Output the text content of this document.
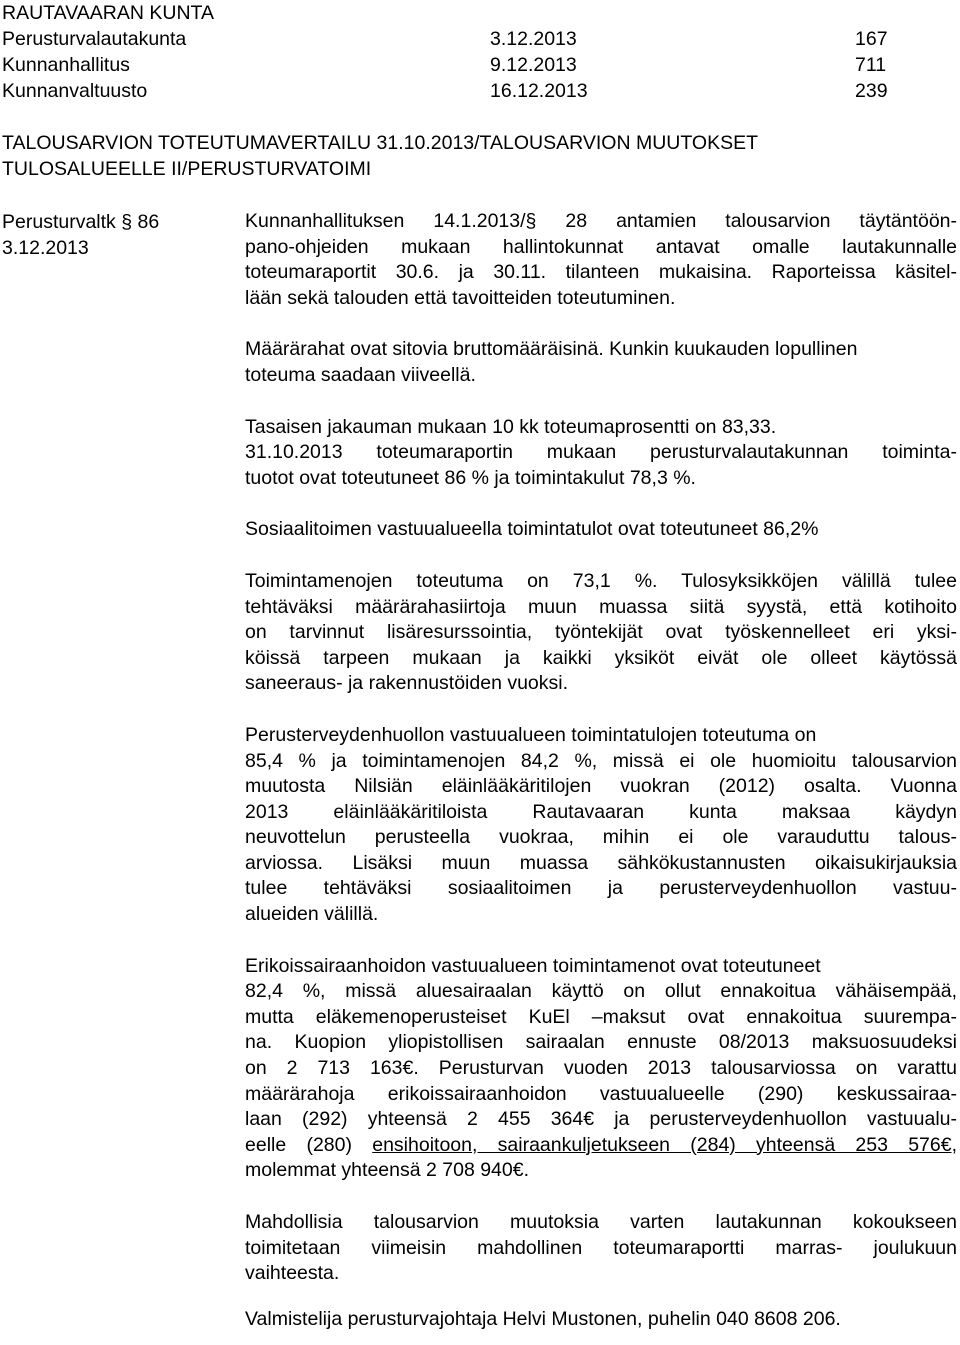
RAUTAVAARAN KUNTA
Perusturvalautakunta	3.12.2013	167
Kunnanhallitus	9.12.2013	711
Kunnanvaltuusto	16.12.2013	239
TALOUSARVION TOTEUTUMAVERTAILU 31.10.2013/TALOUSARVION MUUTOKSET
TULOSALUEELLE II/PERUSTURVATOIMI
Perusturvaltk § 86
3.12.2013
Kunnanhallituksen 14.1.2013/§ 28 antamien talousarvion täytäntöön-
pano-ohjeiden mukaan hallintokunnat antavat omalle lautakunnalle
toteumaraportit 30.6. ja 30.11. tilanteen mukaisina. Raporteissa käsitel-
lään sekä talouden että tavoitteiden toteutuminen.
Määrärahat ovat sitovia bruttomääräisinä. Kunkin kuukauden lopullinen
toteuma saadaan viiveellä.
Tasaisen jakauman mukaan 10 kk toteumaprosentti on 83,33.
31.10.2013 toteumaraportin mukaan perusturvalautakunnan toiminta-
tuotot ovat toteutuneet 86 % ja toimintakulut 78,3 %.
Sosiaalitoimen vastuualueella toimintatulot ovat toteutuneet 86,2%
Toimintamenojen toteutuma on 73,1 %. Tulosyksikköjen välillä tulee
tehtäväksi määrärahasiirtoja muun muassa siitä syystä, että kotihoito
on tarvinnut lisäresurssointia, työntekijät ovat työskennelleet eri yksi-
köissä tarpeen mukaan ja kaikki yksiköt eivät ole olleet käytössä
saneeraus- ja rakennustöiden vuoksi.
Perusterveydenhuollon vastuualueen toimintatulojen toteutuma on
85,4 % ja toimintamenojen 84,2 %, missä ei ole huomioitu talousarvion
muutosta Nilsiän eläinlääkäritilojen vuokran (2012) osalta. Vuonna
2013 eläinlääkäritiloista Rautavaaran kunta maksaa käydyn
neuvottelun perusteella vuokraa, mihin ei ole varauduttu talous-
arviossa. Lisäksi muun muassa sähkökustannusten oikaisukirjauksia
tulee tehtäväksi sosiaalitoimen ja perusterveydenhuollon vastuu-
alueiden välillä.
Erikoissairaanhoidon vastuualueen toimintamenot ovat toteutuneet
82,4 %, missä aluesairaalan käyttö on ollut ennakoitua vähäisempää,
mutta eläkemenoperusteiset KuEl –maksut ovat ennakoitua suurempa-
na. Kuopion yliopistollisen sairaalan ennuste 08/2013 maksuosuudeksi
on 2 713 163€. Perusturvan vuoden 2013 talousarviossa on varattu
määrärahoja erikoissairaanhoidon vastuualueelle (290) keskussairaa-
laan (292) yhteensä 2 455 364€ ja perusterveydenhuollon vastuualu-
eelle (280) ensihoitoon, sairaankuljetukseen (284) yhteensä 253 576€,
molemmat yhteensä 2 708 940€.
Mahdollisia talousarvion muutoksia varten lautakunnan kokoukseen
toimitetaan viimeisin mahdollinen toteumaraportti marras- joulukuun
vaihteesta.
Valmistelija perusturvajohtaja Helvi Mustonen, puhelin 040 8608 206.
